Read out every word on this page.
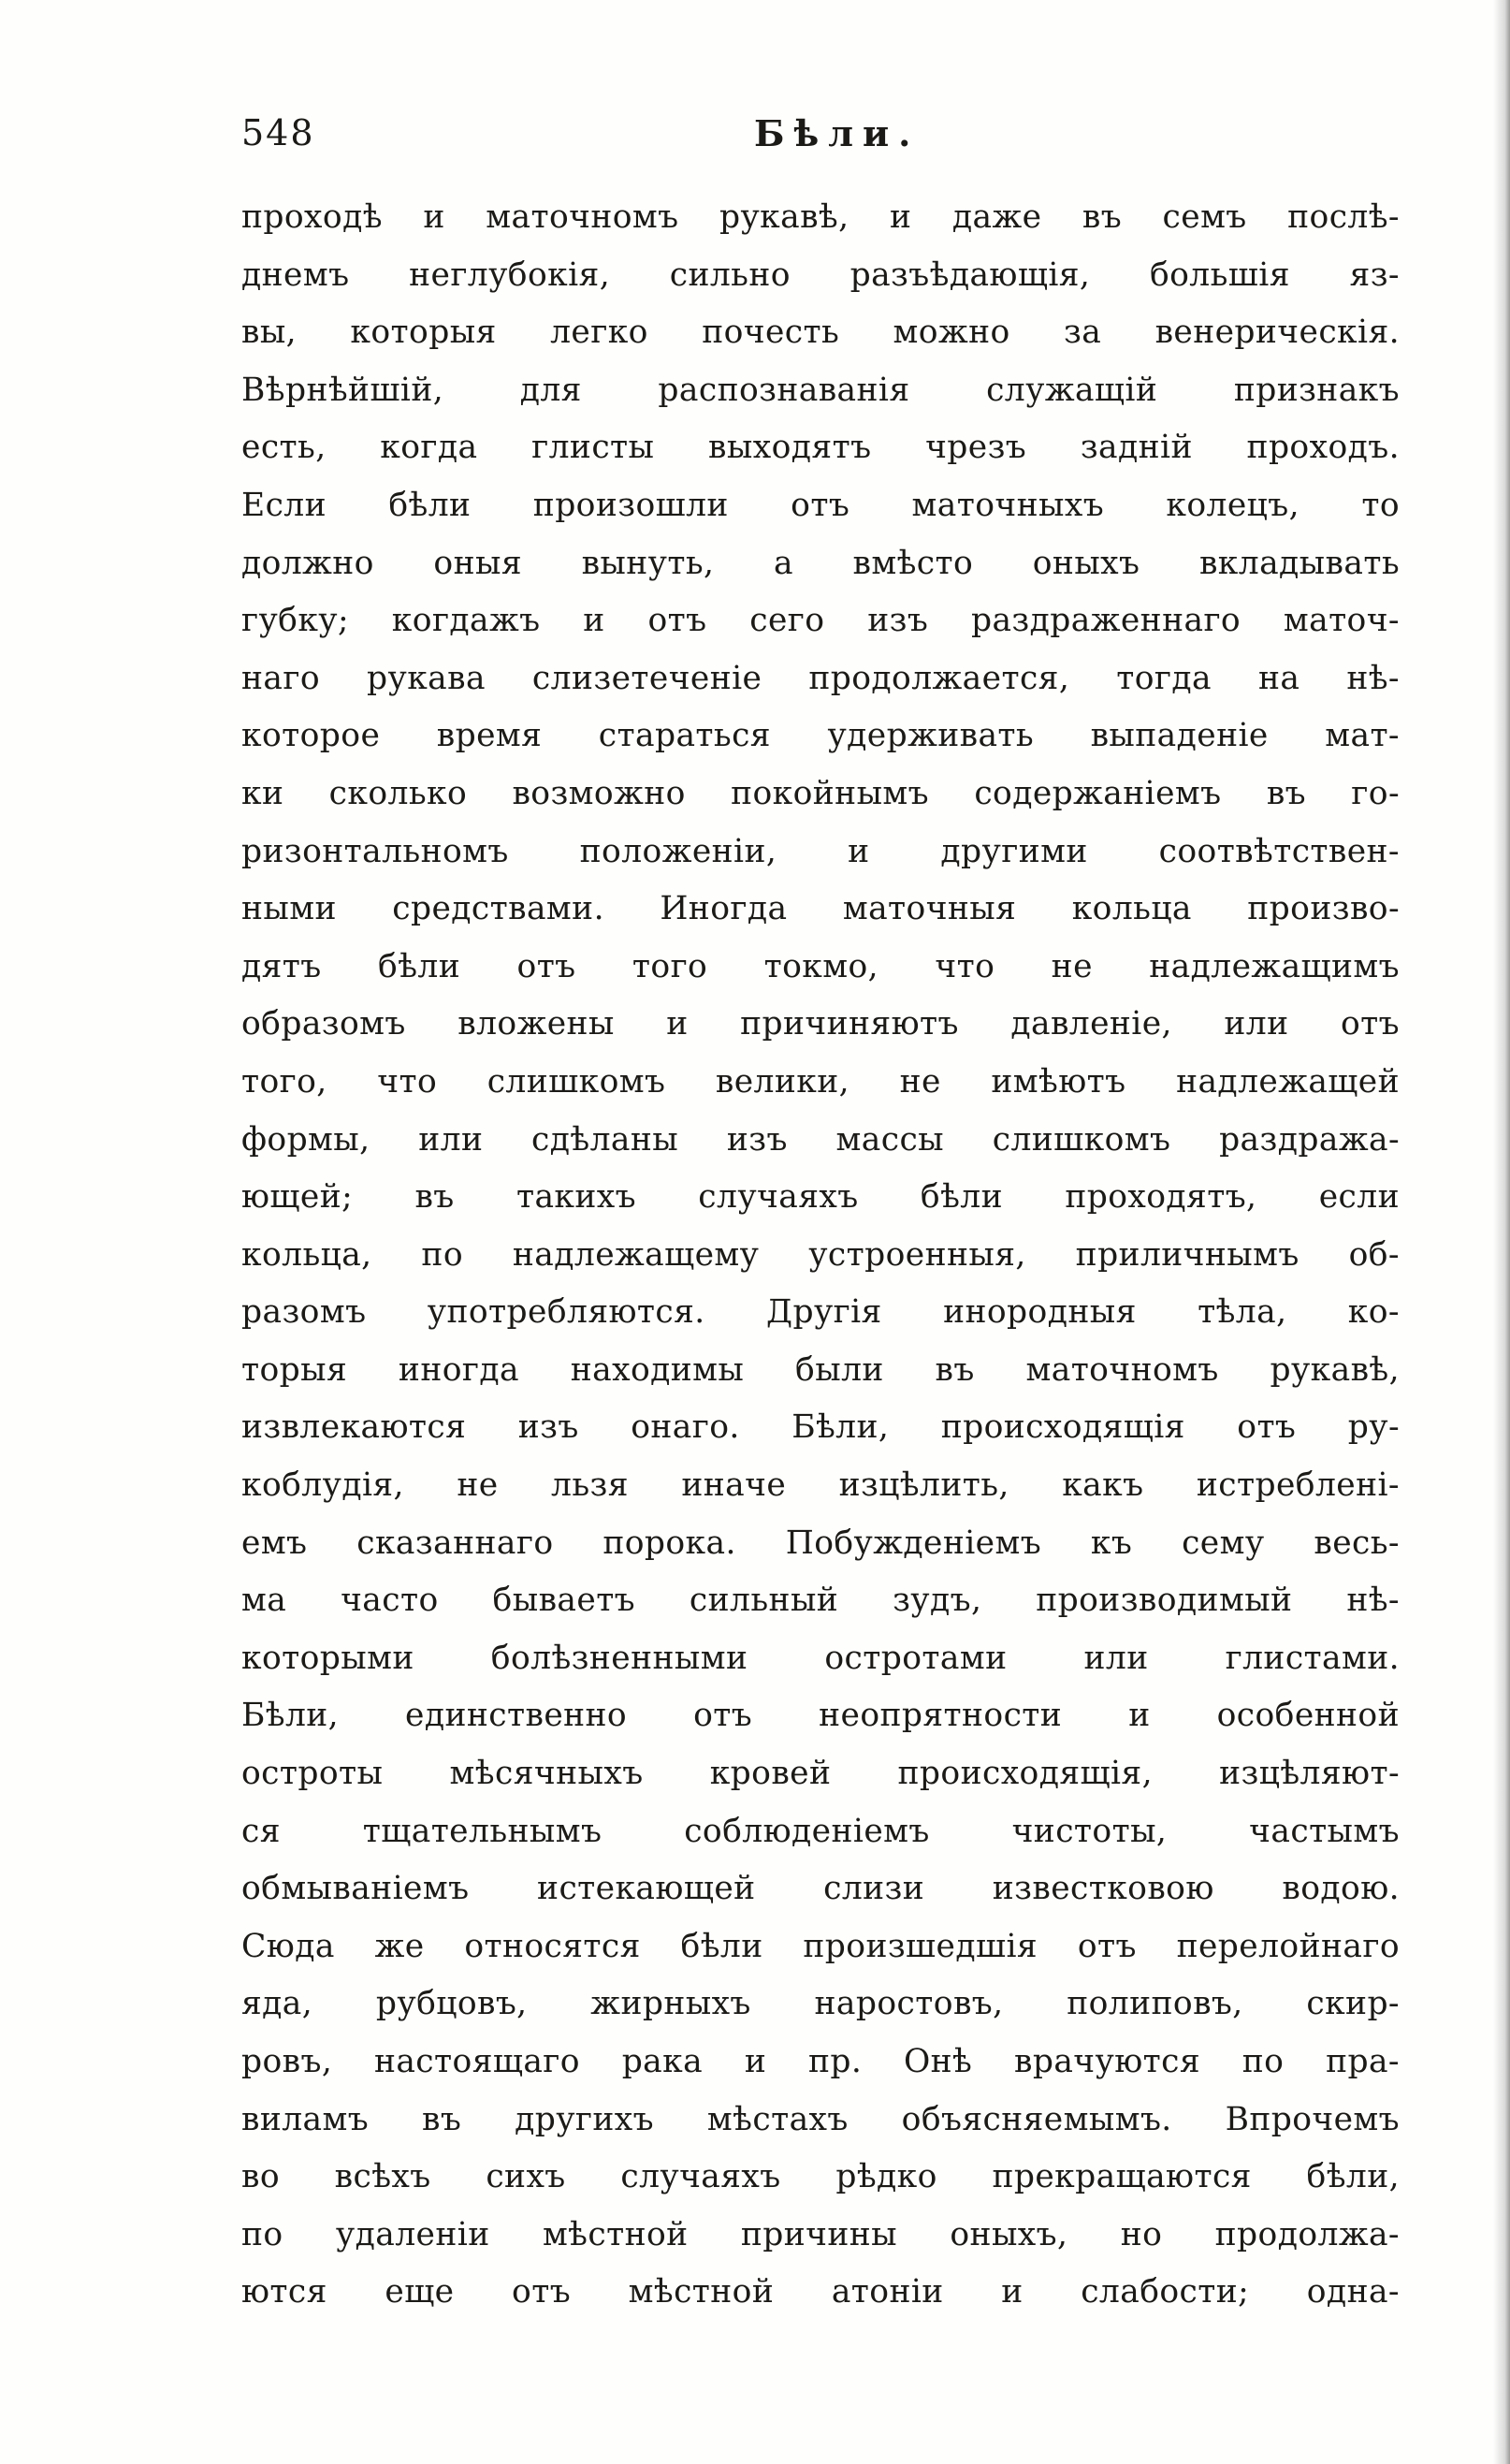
548	Бѣли.
проходѣ и маточномъ рукавѣ, и даже въ семъ послѣ-
днемъ неглубокія, сильно разъѣдающія, большія яз-
вы, которыя легко почесть можно за венерическія.
Вѣрнѣйшій, для распознаванія служащій признакъ
есть, когда глисты выходятъ чрезъ задній проходъ.
Если бѣли произошли отъ маточныхъ колецъ, то
должно оныя вынуть, а вмѣсто оныхъ вкладывать
губку; когдажъ и отъ сего изъ раздраженнаго маточ-
наго рукава слизетеченіе продолжается, тогда на нѣ-
которое время стараться удерживать выпаденіе мат-
ки сколько возможно покойнымъ содержаніемъ въ го-
ризонтальномъ положеніи, и другими соотвѣтствен-
ными средствами. Иногда маточныя кольца произво-
дятъ бѣли отъ того токмо, что не надлежащимъ
образомъ вложены и причиняютъ давленіе, или отъ
того, что слишкомъ велики, не имѣютъ надлежащей
формы, или сдѣланы изъ массы слишкомъ раздража-
ющей; въ такихъ случаяхъ бѣли проходятъ, если
кольца, по надлежащему устроенныя, приличнымъ об-
разомъ употребляются. Другія инородныя тѣла, ко-
торыя иногда находимы были въ маточномъ рукавѣ,
извлекаются изъ онаго. Бѣли, происходящія отъ ру-
коблудія, не льзя иначе изцѣлить, какъ истребленi-
емъ сказаннаго порока. Побужденіемъ къ сему весь-
ма часто бываетъ сильный зудъ, производимый нѣ-
которыми болѣзненными остротами или глистами.
Бѣли, единственно отъ неопрятности и особенной
остроты мѣсячныхъ кровей происходящія, изцѣляют-
ся тщательнымъ соблюденіемъ чистоты, частымъ
обмываніемъ истекающей слизи известковою водою.
Сюда же относятся бѣли произшедшія отъ перелойнаго
яда, рубцовъ, жирныхъ наростовъ, полиповъ, скир-
ровъ, настоящаго рака и пр. Онѣ врачуются по пра-
виламъ въ другихъ мѣстахъ объясняемымъ. Впрочемъ
во всѣхъ сихъ случаяхъ рѣдко прекращаются бѣли,
по удаленіи мѣстной причины оныхъ, но продолжа-
ются еще отъ мѣстной атоніи и слабости; одна-
